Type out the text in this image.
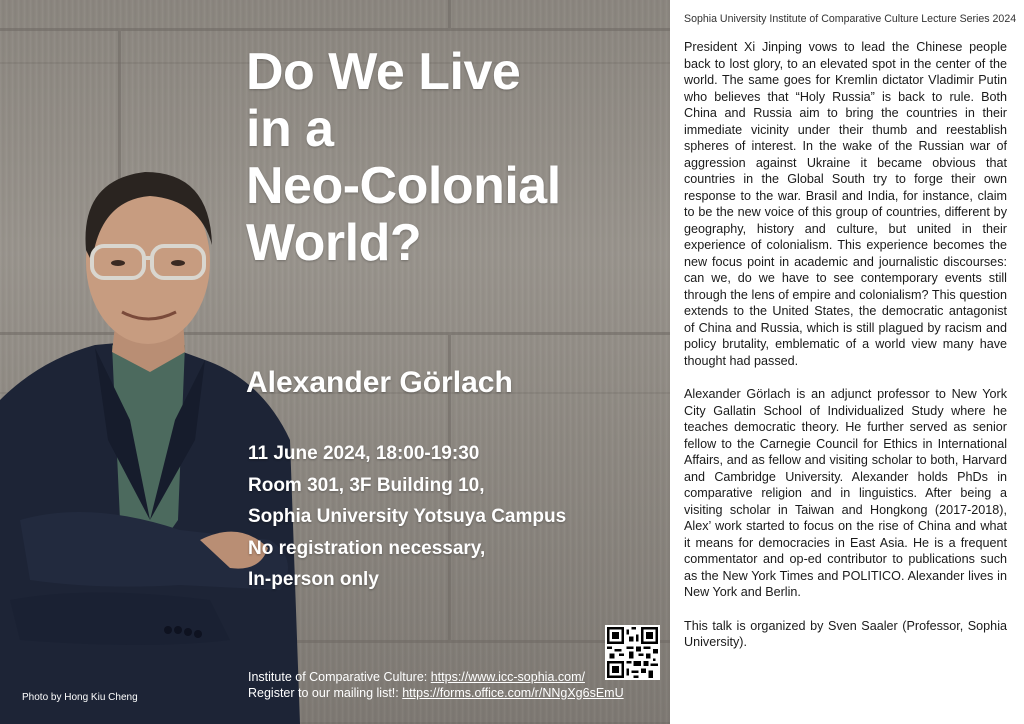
Do We Live
in a
Neo-Colonial
World?
Alexander Görlach
11 June 2024, 18:00-19:30
Room 301, 3F Building 10,
Sophia University Yotsuya Campus
No registration necessary,
In-person only
Institute of Comparative Culture: https://www.icc-sophia.com/
Register to our mailing list!: https://forms.office.com/r/NNgXg6sEmU
Photo by Hong Kiu Cheng
Sophia University Institute of Comparative Culture Lecture Series 2024

President Xi Jinping vows to lead the Chinese people back to lost glory, to an elevated spot in the center of the world. The same goes for Kremlin dictator Vladimir Putin who believes that “Holy Russia” is back to rule. Both China and Russia aim to bring the countries in their immediate vicinity under their thumb and reestablish spheres of interest. In the wake of the Russian war of aggression against Ukraine it became obvious that countries in the Global South try to forge their own response to the war. Brasil and India, for instance, claim to be the new voice of this group of countries, different by geography, history and culture, but united in their experience of colonialism. This experience becomes the new focus point in academic and journalistic discourses: can we, do we have to see contemporary events still through the lens of empire and colonialism? This question extends to the United States, the democratic antagonist of China and Russia, which is still plagued by racism and policy brutality, emblematic of a world view many have thought had passed.

Alexander Görlach is an adjunct professor to New York City Gallatin School of Individualized Study where he teaches democratic theory. He further served as senior fellow to the Carnegie Council for Ethics in International Affairs, and as fellow and visiting scholar to both, Harvard and Cambridge University. Alexander holds PhDs in comparative religion and in linguistics. After being a visiting scholar in Taiwan and Hongkong (2017-2018), Alex’ work started to focus on the rise of China and what it means for democracies in East Asia. He is a frequent commentator and op-ed contributor to publications such as the New York Times and POLITICO. Alexander lives in New York and Berlin.

This talk is organized by Sven Saaler (Professor, Sophia University).
